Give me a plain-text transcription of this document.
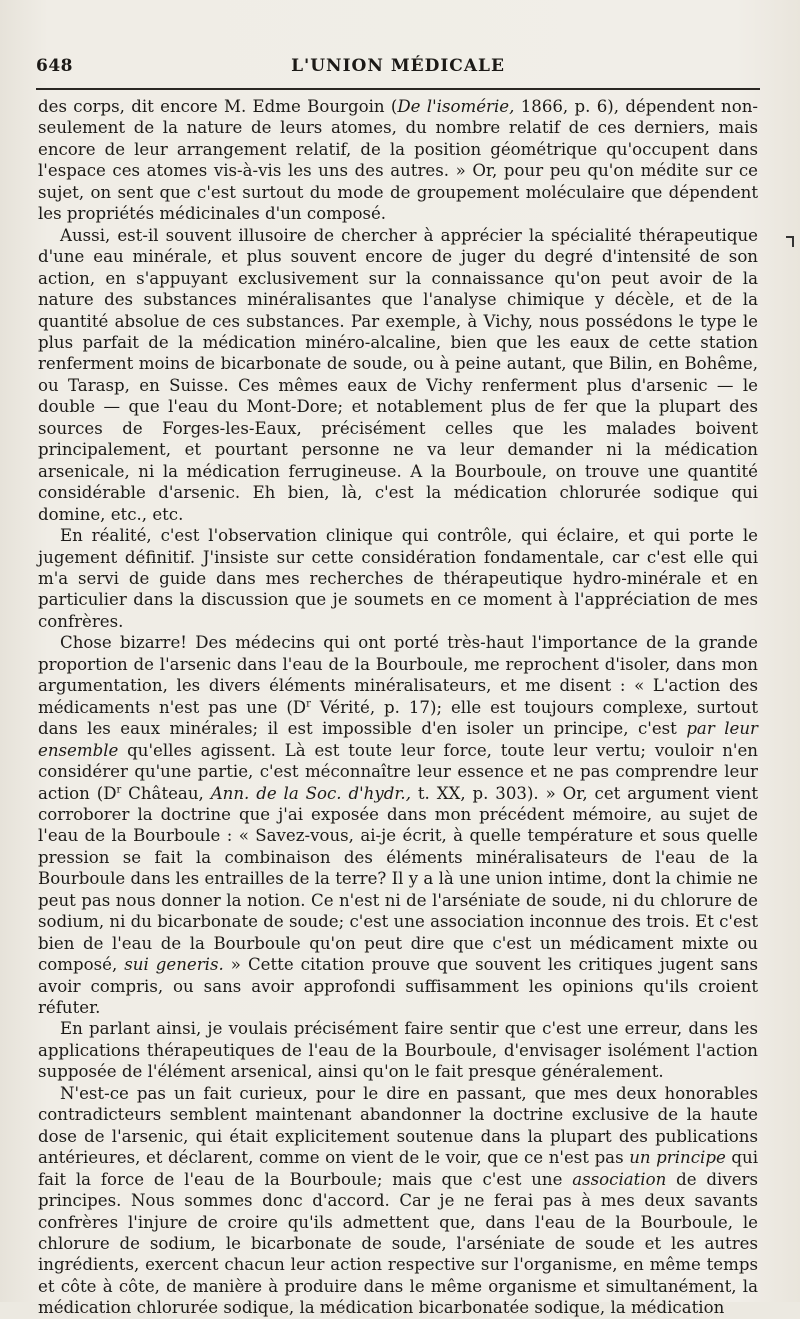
648	L'UNION MÉDICALE

des corps, dit encore M. Edme Bourgoin (De l'isomérie, 1866, p. 6), dépendent non-seulement de la nature de leurs atomes, du nombre relatif de ces derniers, mais encore de leur arrangement relatif, de la position géométrique qu'occupent dans l'espace ces atomes vis-à-vis les uns des autres. » Or, pour peu qu'on médite sur ce sujet, on sent que c'est surtout du mode de groupement moléculaire que dépendent les propriétés médicinales d'un composé.

Aussi, est-il souvent illusoire de chercher à apprécier la spécialité thérapeutique d'une eau minérale, et plus souvent encore de juger du degré d'intensité de son action, en s'appuyant exclusivement sur la connaissance qu'on peut avoir de la nature des substances minéralisantes que l'analyse chimique y décèle, et de la quantité absolue de ces substances. Par exemple, à Vichy, nous possédons le type le plus parfait de la médication minéro-alcaline, bien que les eaux de cette station renferment moins de bicarbonate de soude, ou à peine autant, que Bilin, en Bohême, ou Tarasp, en Suisse. Ces mêmes eaux de Vichy renferment plus d'arsenic — le double — que l'eau du Mont-Dore; et notablement plus de fer que la plupart des sources de Forges-les-Eaux, précisément celles que les malades boivent principalement, et pourtant personne ne va leur demander ni la médication arsenicale, ni la médication ferrugineuse. A la Bourboule, on trouve une quantité considérable d'arsenic. Eh bien, là, c'est la médication chlorurée sodique qui domine, etc., etc.

En réalité, c'est l'observation clinique qui contrôle, qui éclaire, et qui porte le jugement définitif. J'insiste sur cette considération fondamentale, car c'est elle qui m'a servi de guide dans mes recherches de thérapeutique hydro-minérale et en particulier dans la discussion que je soumets en ce moment à l'appréciation de mes confrères.

Chose bizarre! Des médecins qui ont porté très-haut l'importance de la grande proportion de l'arsenic dans l'eau de la Bourboule, me reprochent d'isoler, dans mon argumentation, les divers éléments minéralisateurs, et me disent : « L'action des médicaments n'est pas une ($D^r$ Vérité, p. 17); elle est toujours complexe, surtout dans les eaux minérales; il est impossible d'en isoler un principe, c'est par leur ensemble qu'elles agissent. Là est toute leur force, toute leur vertu; vouloir n'en considérer qu'une partie, c'est méconnaître leur essence et ne pas comprendre leur action ($D^r$ Château, Ann. de la Soc. d'hydr., t. XX, p. 303). » Or, cet argument vient corroborer la doctrine que j'ai exposée dans mon précédent mémoire, au sujet de l'eau de la Bourboule : « Savez-vous, ai-je écrit, à quelle température et sous quelle pression se fait la combinaison des éléments minéralisateurs de l'eau de la Bourboule dans les entrailles de la terre? Il y a là une union intime, dont la chimie ne peut pas nous donner la notion. Ce n'est ni de l'arséniate de soude, ni du chlorure de sodium, ni du bicarbonate de soude; c'est une association inconnue des trois. Et c'est bien de l'eau de la Bourboule qu'on peut dire que c'est un médicament mixte ou composé, sui generis. » Cette citation prouve que souvent les critiques jugent sans avoir compris, ou sans avoir approfondi suffisamment les opinions qu'ils croient réfuter.

En parlant ainsi, je voulais précisément faire sentir que c'est une erreur, dans les applications thérapeutiques de l'eau de la Bourboule, d'envisager isolément l'action supposée de l'élément arsenical, ainsi qu'on le fait presque généralement.

N'est-ce pas un fait curieux, pour le dire en passant, que mes deux honorables contradicteurs semblent maintenant abandonner la doctrine exclusive de la haute dose de l'arsenic, qui était explicitement soutenue dans la plupart des publications antérieures, et déclarent, comme on vient de le voir, que ce n'est pas un principe qui fait la force de l'eau de la Bourboule; mais que c'est une association de divers principes. Nous sommes donc d'accord. Car je ne ferai pas à mes deux savants confrères l'injure de croire qu'ils admettent que, dans l'eau de la Bourboule, le chlorure de sodium, le bicarbonate de soude, l'arséniate de soude et les autres ingrédients, exercent chacun leur action respective sur l'organisme, en même temps et côte à côte, de manière à produire dans le même organisme et simultanément, la médication chlorurée sodique, la médication bicarbonatée sodique, la médication
